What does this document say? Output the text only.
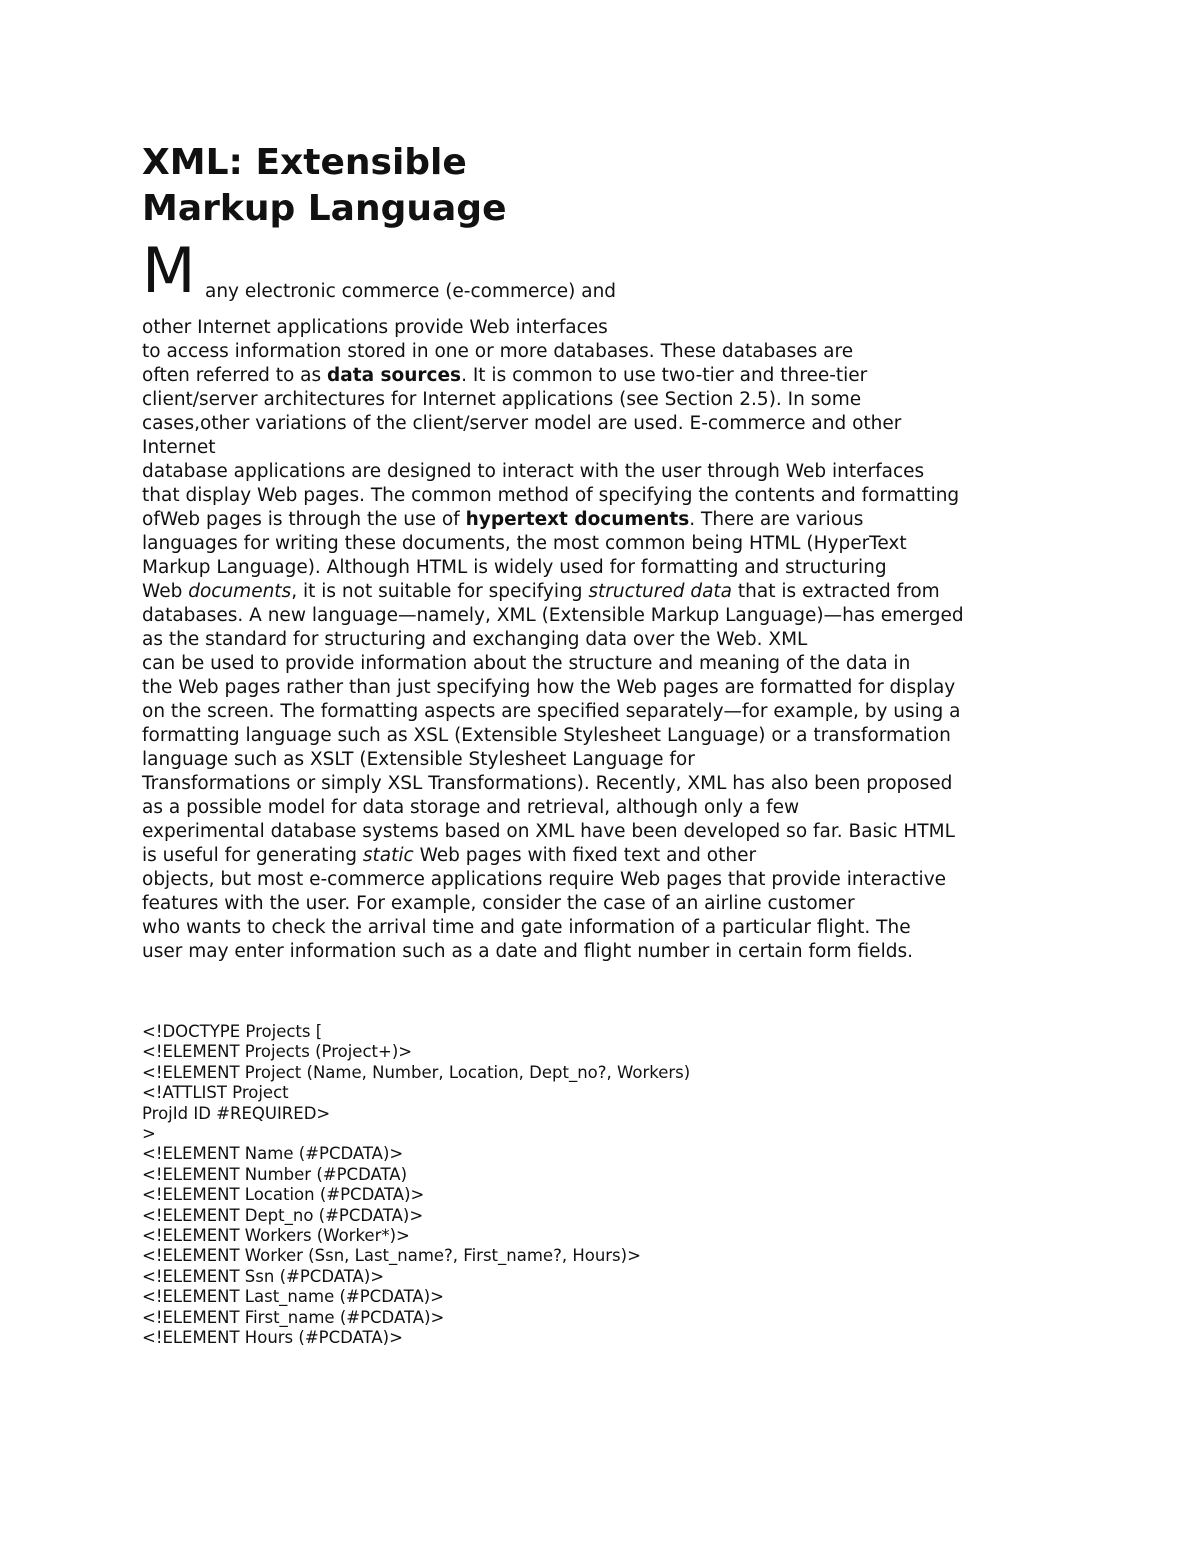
XML: Extensible
Markup Language
M any electronic commerce (e-commerce) and
other Internet applications provide Web interfaces
to access information stored in one or more databases. These databases are
often referred to as data sources. It is common to use two-tier and three-tier
client/server architectures for Internet applications (see Section 2.5). In some
cases,other variations of the client/server model are used. E-commerce and other
Internet
database applications are designed to interact with the user through Web interfaces
that display Web pages. The common method of specifying the contents and formatting
ofWeb pages is through the use of hypertext documents. There are various
languages for writing these documents, the most common being HTML (HyperText
Markup Language). Although HTML is widely used for formatting and structuring
Web documents, it is not suitable for specifying structured data that is extracted from
databases. A new language—namely, XML (Extensible Markup Language)—has emerged
as the standard for structuring and exchanging data over the Web. XML
can be used to provide information about the structure and meaning of the data in
the Web pages rather than just specifying how the Web pages are formatted for display
on the screen. The formatting aspects are specified separately—for example, by using a
formatting language such as XSL (Extensible Stylesheet Language) or a transformation
language such as XSLT (Extensible Stylesheet Language for
Transformations or simply XSL Transformations). Recently, XML has also been proposed
as a possible model for data storage and retrieval, although only a few
experimental database systems based on XML have been developed so far. Basic HTML
is useful for generating static Web pages with fixed text and other
objects, but most e-commerce applications require Web pages that provide interactive
features with the user. For example, consider the case of an airline customer
who wants to check the arrival time and gate information of a particular flight. The
user may enter information such as a date and flight number in certain form fields.
<!DOCTYPE Projects [
<!ELEMENT Projects (Project+)>
<!ELEMENT Project (Name, Number, Location, Dept_no?, Workers)
<!ATTLIST Project
ProjId ID #REQUIRED>
>
<!ELEMENT Name (#PCDATA)>
<!ELEMENT Number (#PCDATA)
<!ELEMENT Location (#PCDATA)>
<!ELEMENT Dept_no (#PCDATA)>
<!ELEMENT Workers (Worker*)>
<!ELEMENT Worker (Ssn, Last_name?, First_name?, Hours)>
<!ELEMENT Ssn (#PCDATA)>
<!ELEMENT Last_name (#PCDATA)>
<!ELEMENT First_name (#PCDATA)>
<!ELEMENT Hours (#PCDATA)>
